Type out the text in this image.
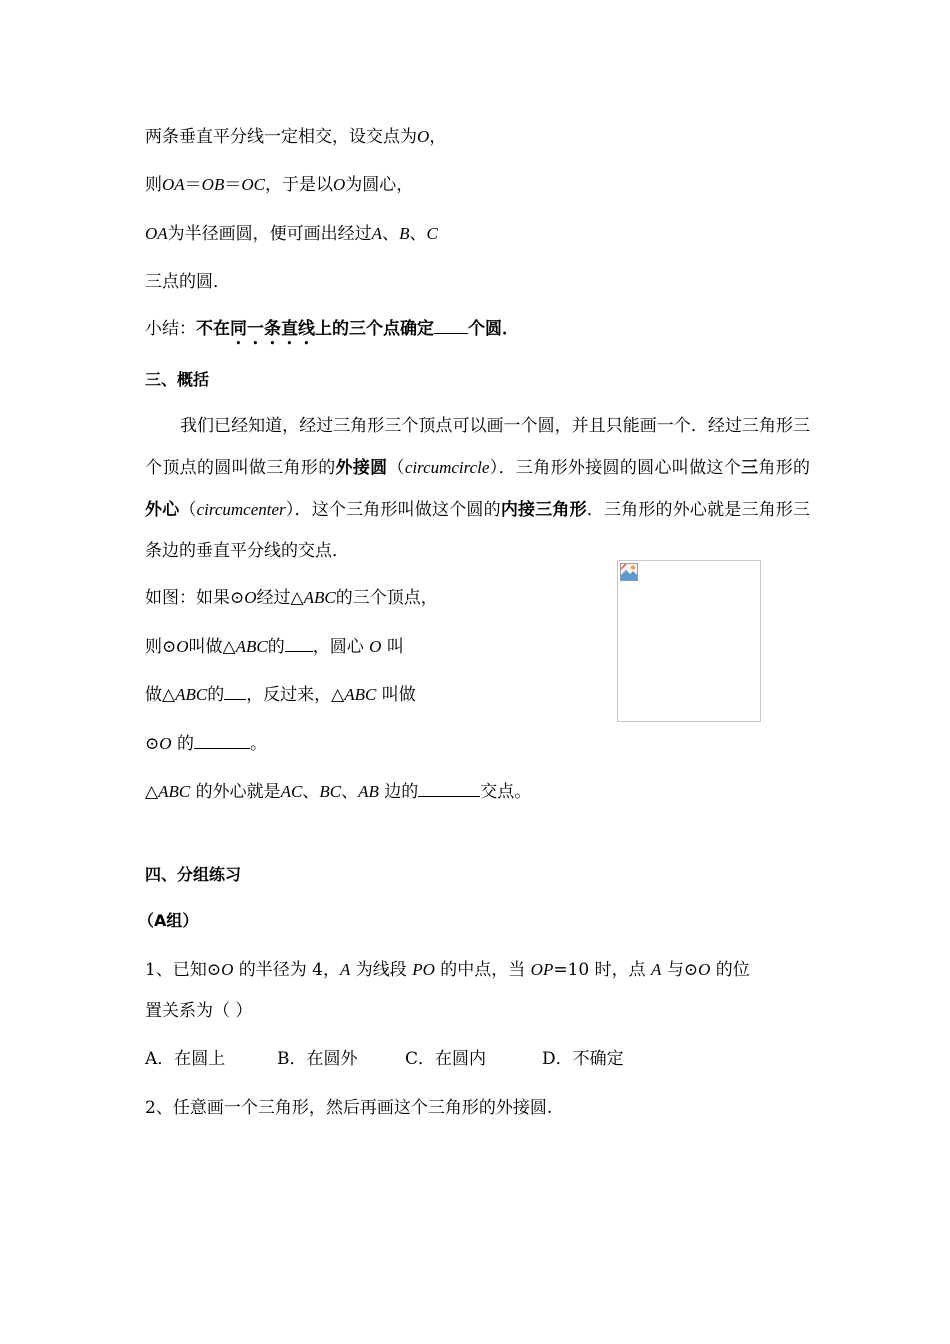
两条垂直平分线一定相交，设交点为O，
则OA＝OB＝OC，于是以O为圆心，
OA为半径画圆，便可画出经过A、B、C
三点的圆．
小结：不在同一条直线上的三个点确定 个圆．
三、概括
我们已经知道，经过三角形三个顶点可以画一个圆，并且只能画一个．经过三角形三个顶点的圆叫做三角形的外接圆（circumcircle）．三角形外接圆的圆心叫做这个三角形的外心（circumcenter）．这个三角形叫做这个圆的内接三角形．三角形的外心就是三角形三条边的垂直平分线的交点．
如图：如果⊙O经过△ABC的三个顶点，
则⊙O叫做△ABC的 ，圆心 O 叫
做△ABC的 ，反过来，△ABC 叫做
⊙O 的	。
△ABC 的外心就是AC、BC、AB 边的	交点。
四、分组练习
（A组）
1、已知⊙O 的半径为 4，A 为线段 PO 的中点，当 OP=10 时，点 A 与⊙O 的位
置关系为（ ）
A．在圆上	B．在圆外	C．在圆内	D．不确定
2、任意画一个三角形，然后再画这个三角形的外接圆.
